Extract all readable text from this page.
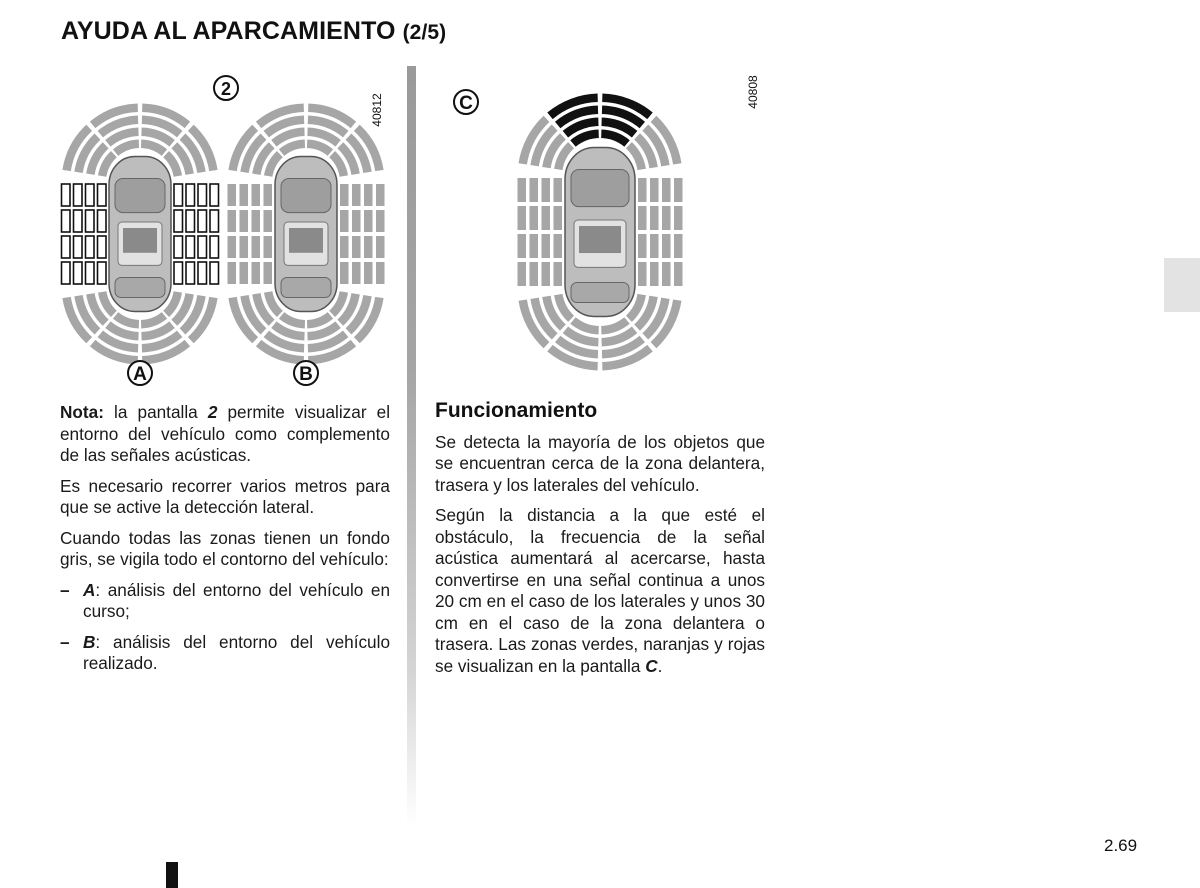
AYUDA AL APARCAMIENTO (2/5)
2
A	B
40812	C	40808

Nota: la pantalla 2 permite visualizar el entorno del vehículo como complemento de las señales acústicas.

Es necesario recorrer varios metros para que se active la detección lateral.

Cuando todas las zonas tienen un fondo gris, se vigila todo el contorno del vehículo:

– A: análisis del entorno del vehículo en curso;
– B: análisis del entorno del vehículo realizado.
Funcionamiento

Se detecta la mayoría de los objetos que se encuentran cerca de la zona delantera, trasera y los laterales del vehículo.

Según la distancia a la que esté el obstáculo, la frecuencia de la señal acústica aumentará al acercarse, hasta convertirse en una señal continua a unos 20 cm en el caso de los laterales y unos 30 cm en el caso de la zona delantera o trasera. Las zonas verdes, naranjas y rojas se visualizan en la pantalla C.

2.69
